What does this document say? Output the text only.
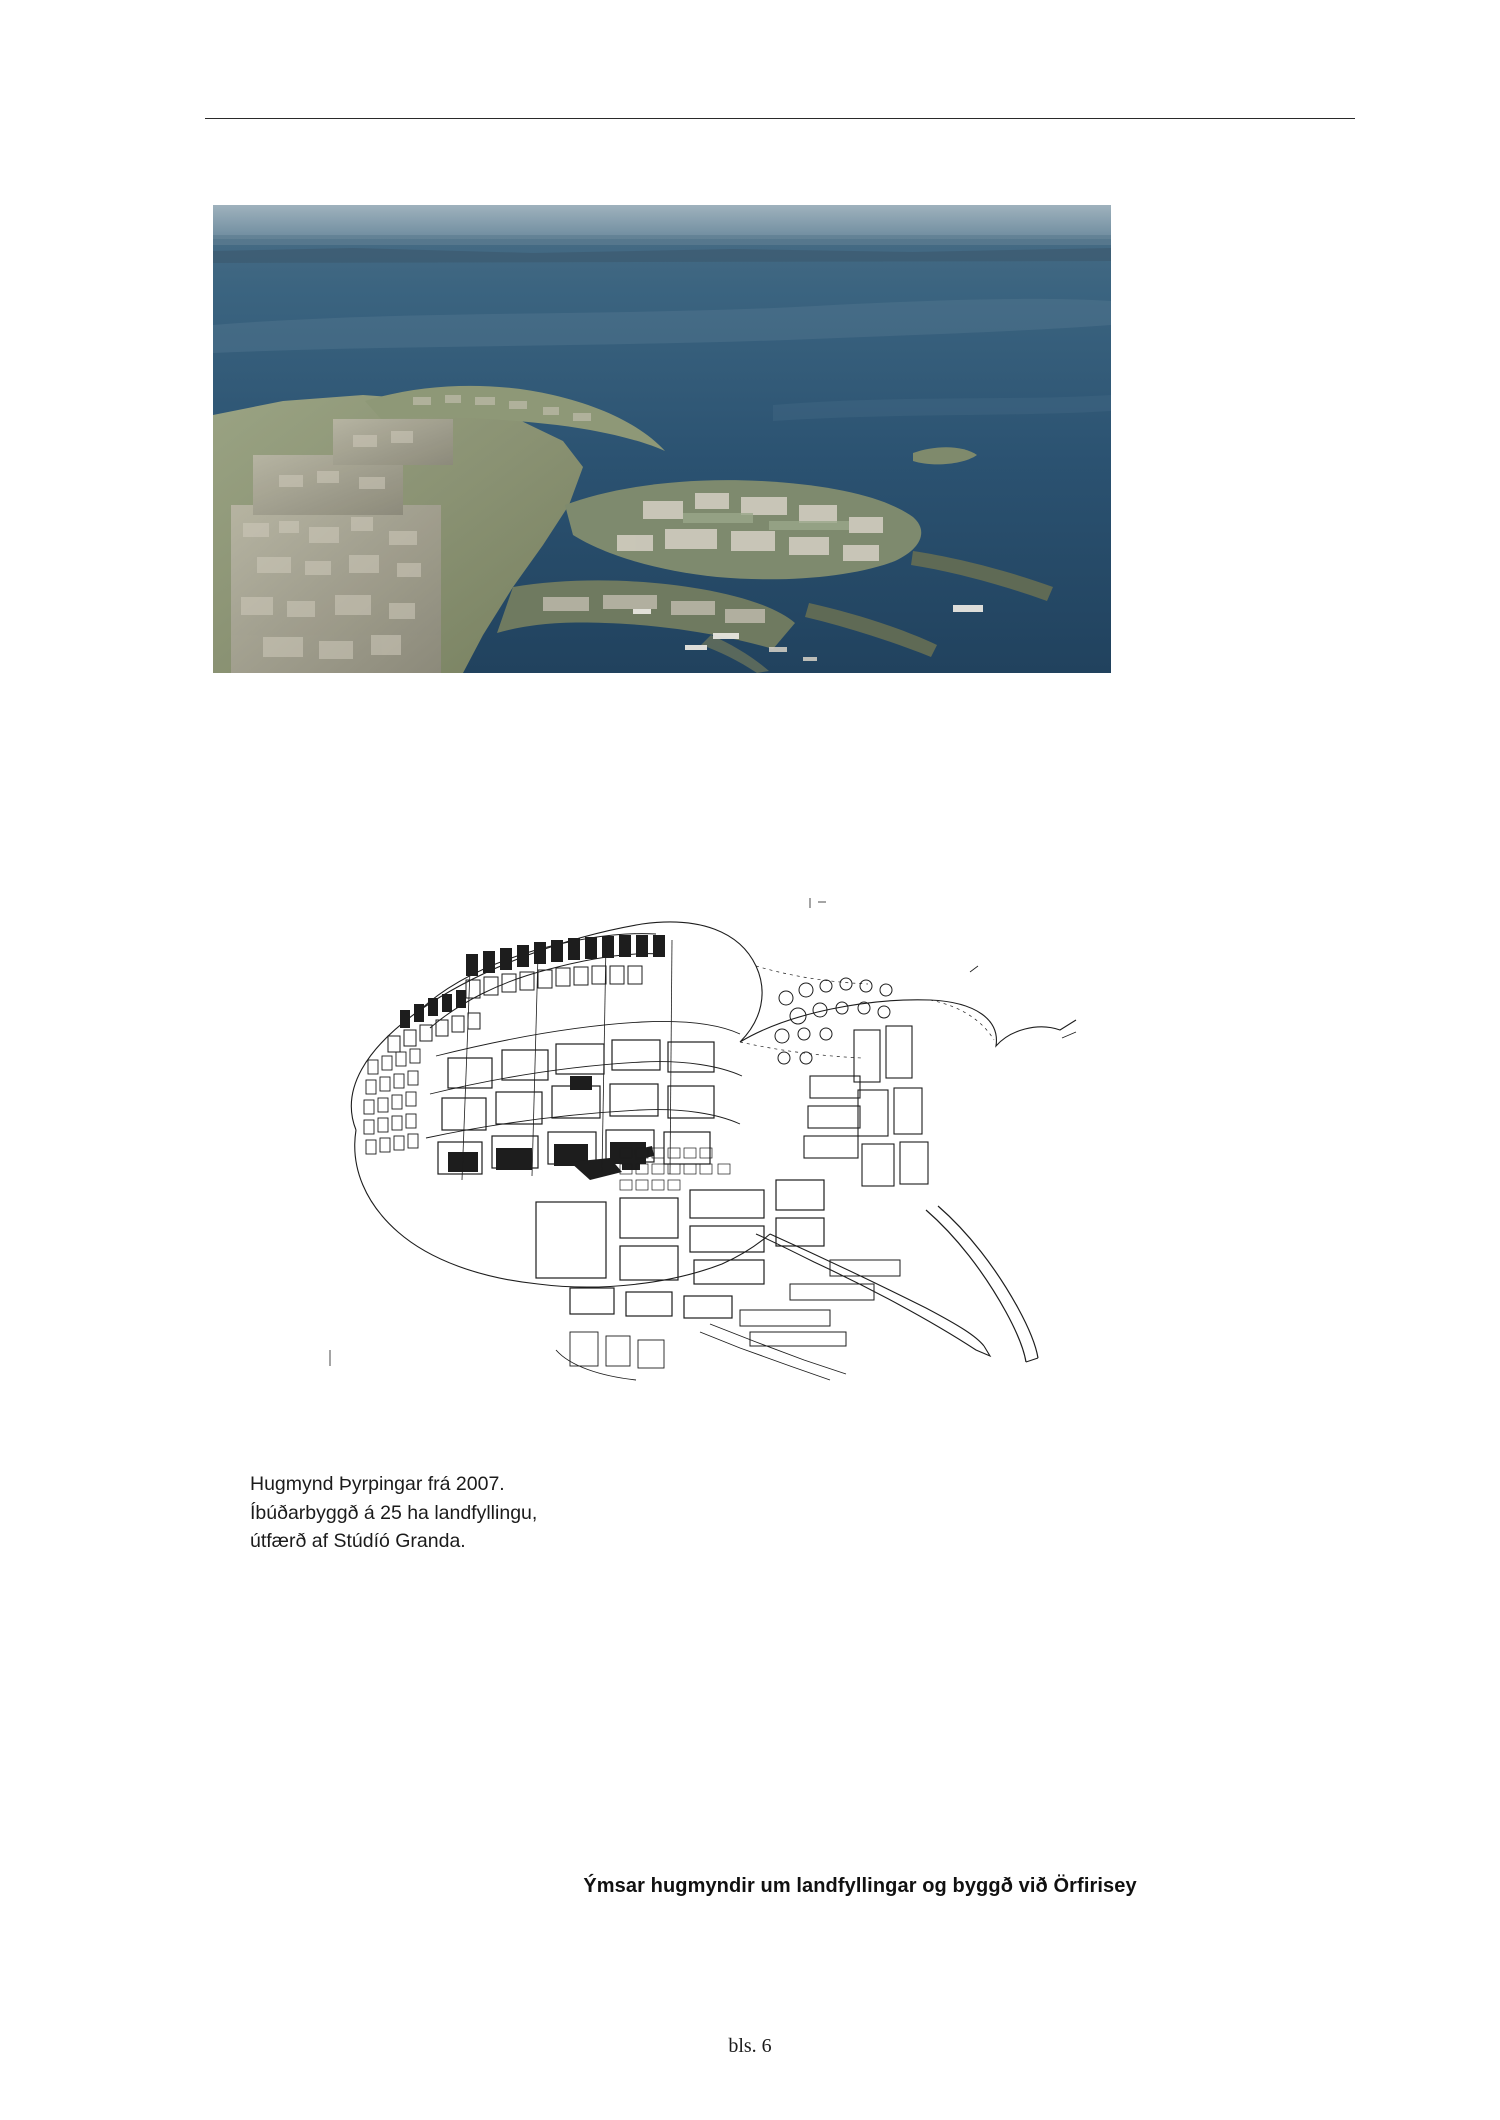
Hugmynd Þyrpingar frá 2007. Íbúðarbyggð á 25 ha landfyllingu, útfærð af Stúdíó Granda.
Ýmsar hugmyndir um landfyllingar og byggð við Örfirisey
bls. 6
